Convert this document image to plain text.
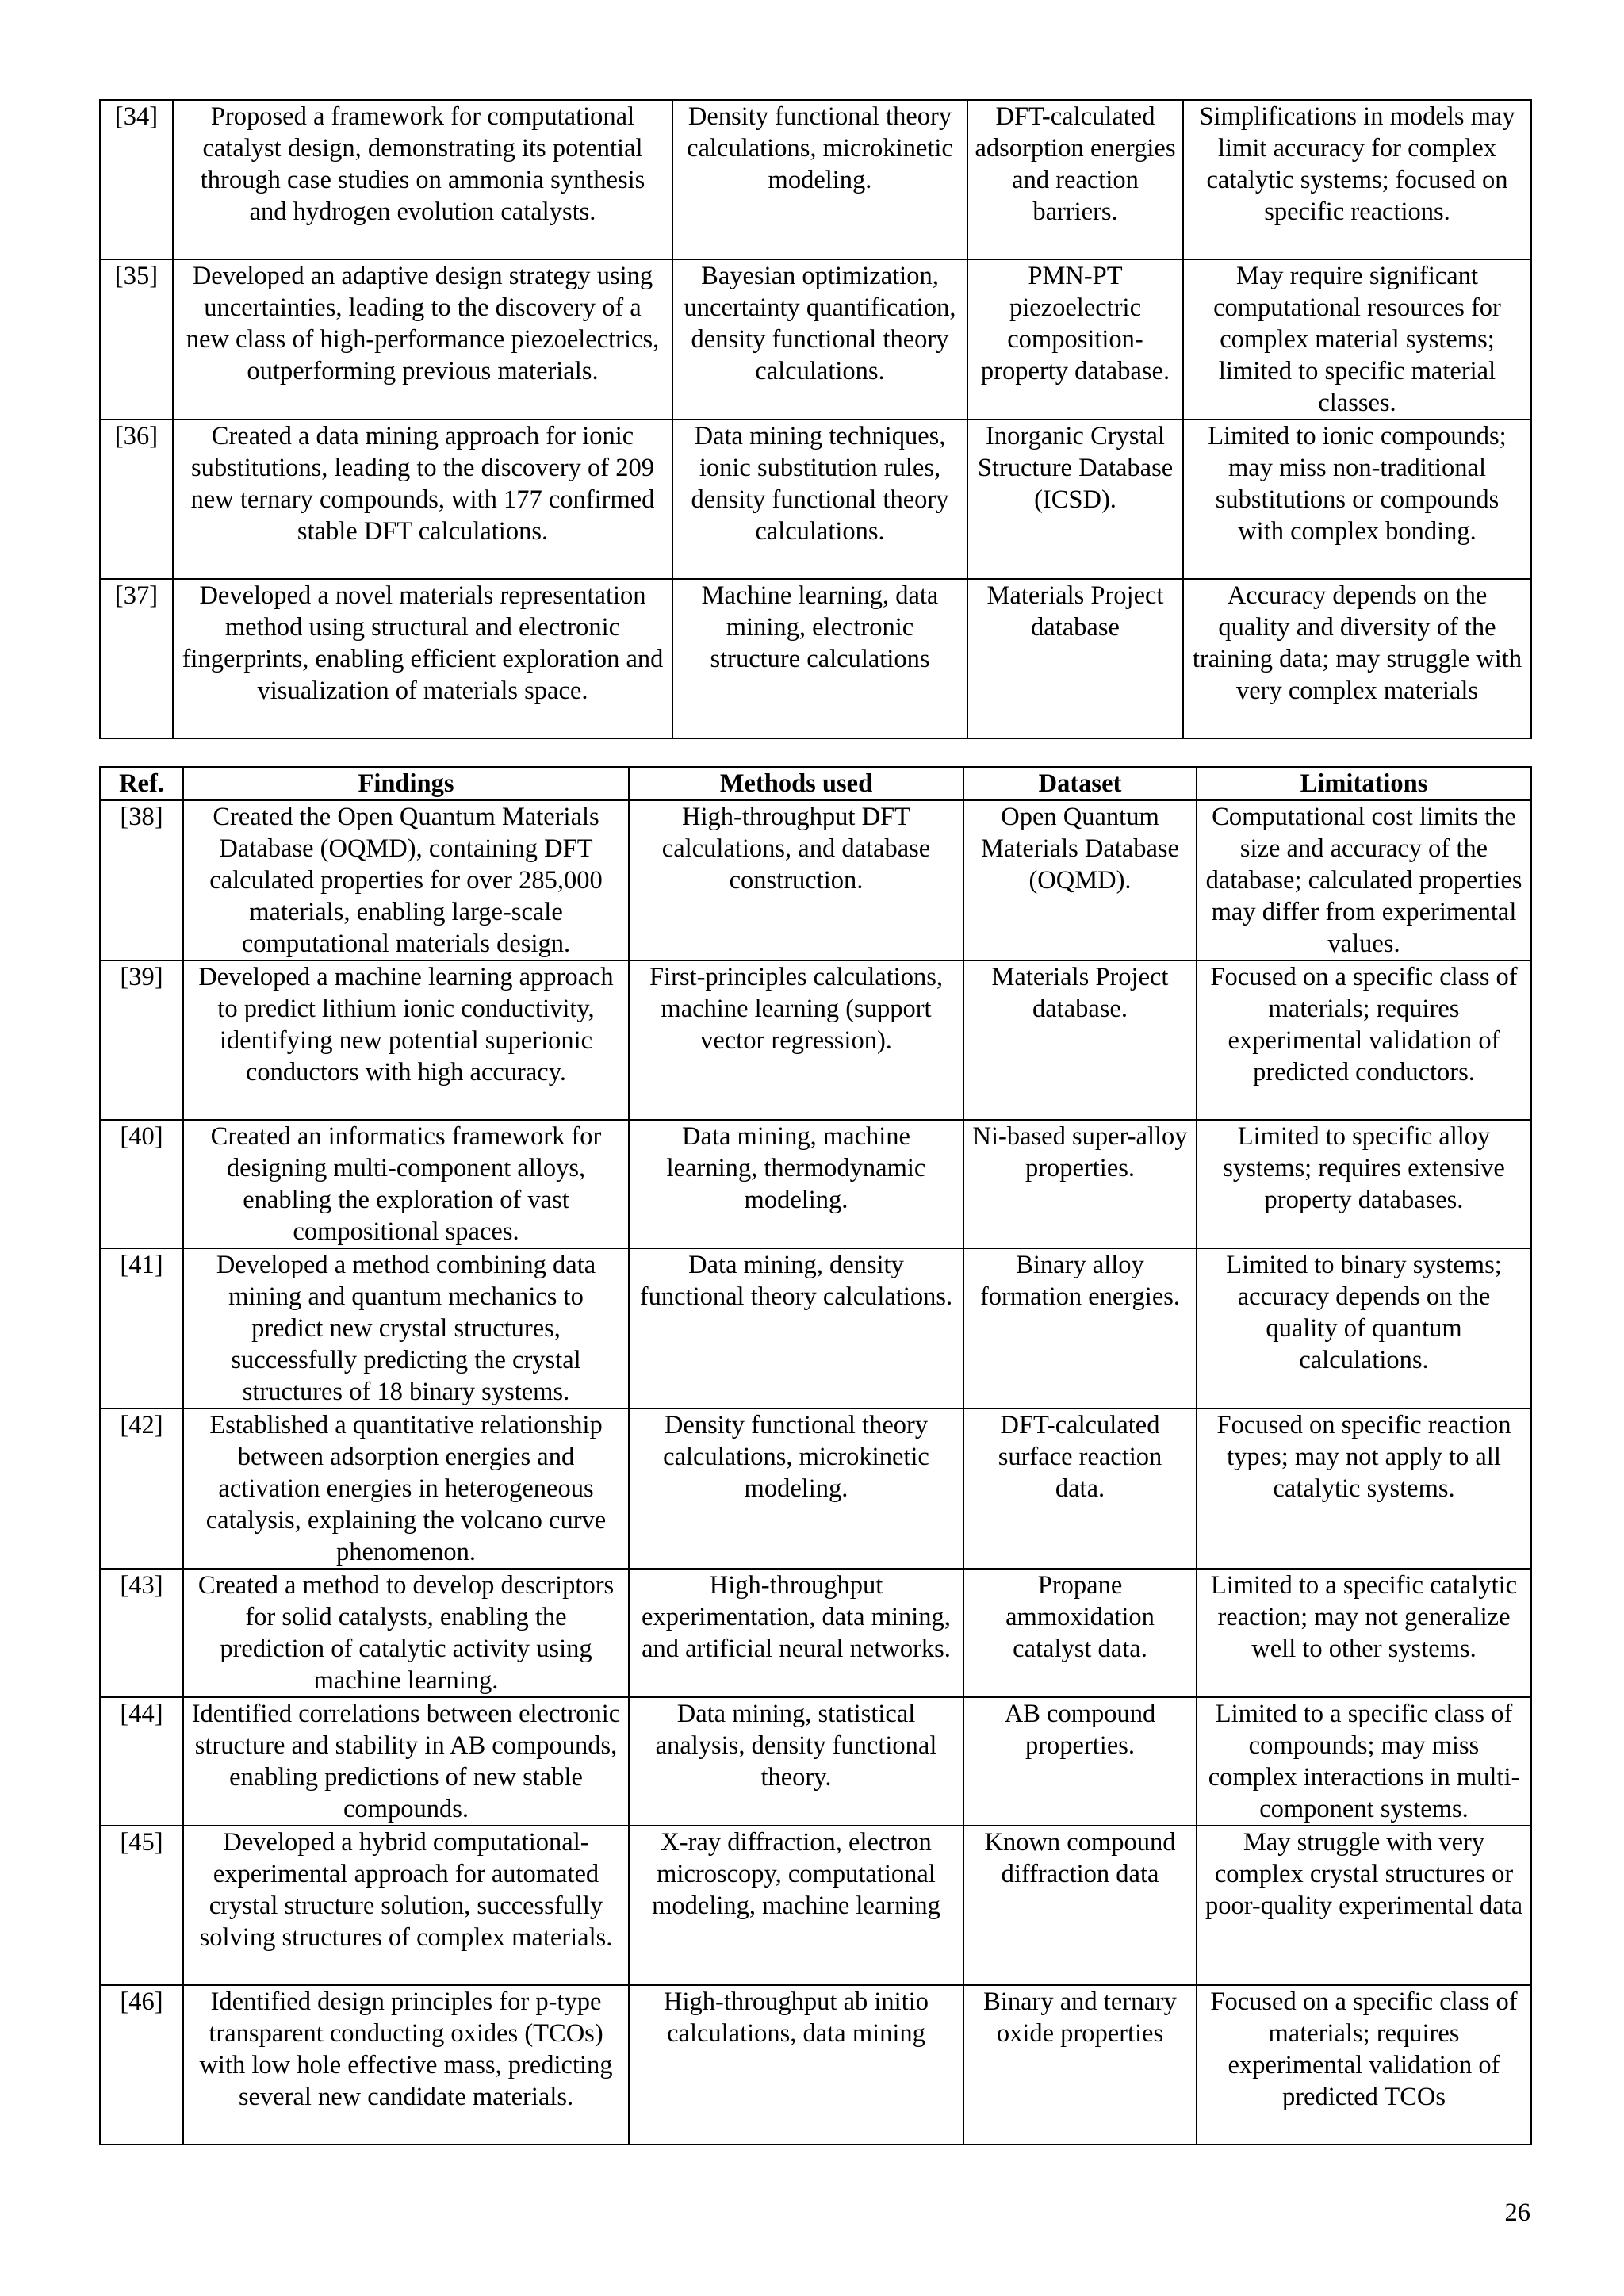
[34]	Proposed a framework for computational catalyst design, demonstrating its potential through case studies on ammonia synthesis and hydrogen evolution catalysts.	Density functional theory calculations, microkinetic modeling.	DFT-calculated adsorption energies and reaction barriers.	Simplifications in models may limit accuracy for complex catalytic systems; focused on specific reactions.
[35]	Developed an adaptive design strategy using uncertainties, leading to the discovery of a new class of high-performance piezoelectrics, outperforming previous materials.	Bayesian optimization, uncertainty quantification, density functional theory calculations.	PMN-PT piezoelectric composition-property database.	May require significant computational resources for complex material systems; limited to specific material classes.
[36]	Created a data mining approach for ionic substitutions, leading to the discovery of 209 new ternary compounds, with 177 confirmed stable DFT calculations.	Data mining techniques, ionic substitution rules, density functional theory calculations.	Inorganic Crystal Structure Database (ICSD).	Limited to ionic compounds; may miss non-traditional substitutions or compounds with complex bonding.
[37]	Developed a novel materials representation method using structural and electronic fingerprints, enabling efficient exploration and visualization of materials space.	Machine learning, data mining, electronic structure calculations	Materials Project database	Accuracy depends on the quality and diversity of the training data; may struggle with very complex materials
Ref.	Findings	Methods used	Dataset	Limitations
[38]	Created the Open Quantum Materials Database (OQMD), containing DFT calculated properties for over 285,000 materials, enabling large-scale computational materials design.	High-throughput DFT calculations, and database construction.	Open Quantum Materials Database (OQMD).	Computational cost limits the size and accuracy of the database; calculated properties may differ from experimental values.
[39]	Developed a machine learning approach to predict lithium ionic conductivity, identifying new potential superionic conductors with high accuracy.	First-principles calculations, machine learning (support vector regression).	Materials Project database.	Focused on a specific class of materials; requires experimental validation of predicted conductors.
[40]	Created an informatics framework for designing multi-component alloys, enabling the exploration of vast compositional spaces.	Data mining, machine learning, thermodynamic modeling.	Ni-based super-alloy properties.	Limited to specific alloy systems; requires extensive property databases.
[41]	Developed a method combining data mining and quantum mechanics to predict new crystal structures, successfully predicting the crystal structures of 18 binary systems.	Data mining, density functional theory calculations.	Binary alloy formation energies.	Limited to binary systems; accuracy depends on the quality of quantum calculations.
[42]	Established a quantitative relationship between adsorption energies and activation energies in heterogeneous catalysis, explaining the volcano curve phenomenon.	Density functional theory calculations, microkinetic modeling.	DFT-calculated surface reaction data.	Focused on specific reaction types; may not apply to all catalytic systems.
[43]	Created a method to develop descriptors for solid catalysts, enabling the prediction of catalytic activity using machine learning.	High-throughput experimentation, data mining, and artificial neural networks.	Propane ammoxidation catalyst data.	Limited to a specific catalytic reaction; may not generalize well to other systems.
[44]	Identified correlations between electronic structure and stability in AB compounds, enabling predictions of new stable compounds.	Data mining, statistical analysis, density functional theory.	AB compound properties.	Limited to a specific class of compounds; may miss complex interactions in multi-component systems.
[45]	Developed a hybrid computational-experimental approach for automated crystal structure solution, successfully solving structures of complex materials.	X-ray diffraction, electron microscopy, computational modeling, machine learning	Known compound diffraction data	May struggle with very complex crystal structures or poor-quality experimental data
[46]	Identified design principles for p-type transparent conducting oxides (TCOs) with low hole effective mass, predicting several new candidate materials.	High-throughput ab initio calculations, data mining	Binary and ternary oxide properties	Focused on a specific class of materials; requires experimental validation of predicted TCOs
26
